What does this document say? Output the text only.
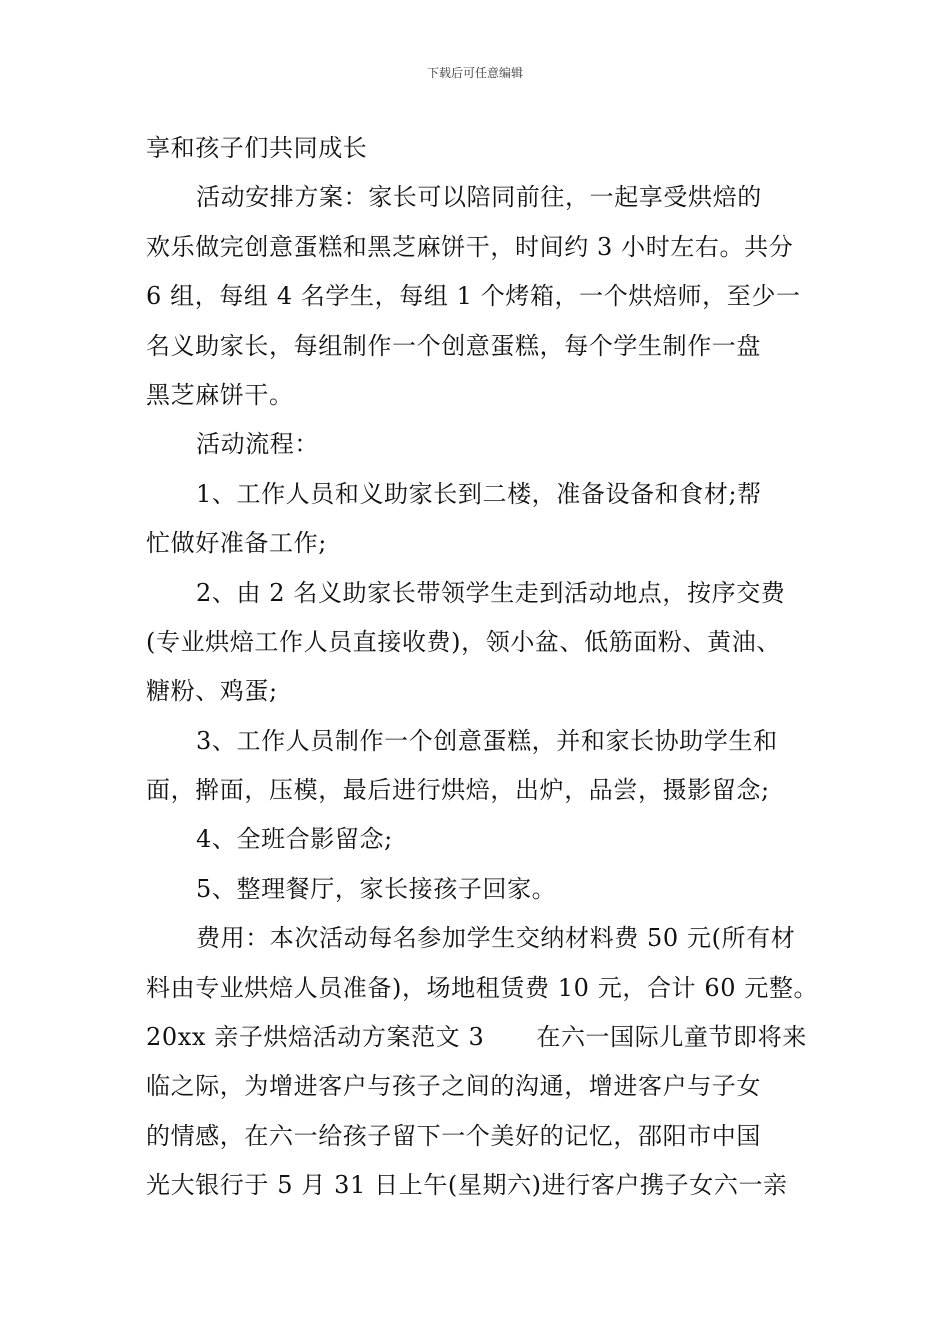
下载后可任意编辑
享和孩子们共同成长
活动安排方案：家长可以陪同前往，一起享受烘焙的
欢乐做完创意蛋糕和黑芝麻饼干，时间约 3 小时左右。共分
6 组，每组 4 名学生，每组 1 个烤箱，一个烘焙师，至少一
名义助家长，每组制作一个创意蛋糕，每个学生制作一盘
黑芝麻饼干。
活动流程：
1、工作人员和义助家长到二楼，准备设备和食材;帮
忙做好准备工作;
2、由 2 名义助家长带领学生走到活动地点，按序交费
(专业烘焙工作人员直接收费)，领小盆、低筋面粉、黄油、
糖粉、鸡蛋;
3、工作人员制作一个创意蛋糕，并和家长协助学生和
面，擀面，压模，最后进行烘焙，出炉，品尝，摄影留念;
4、全班合影留念;
5、整理餐厅，家长接孩子回家。
费用：本次活动每名参加学生交纳材料费 50 元(所有材
料由专业烘焙人员准备)，场地租赁费 10 元，合计 60 元整。
20xx 亲子烘焙活动方案范文 3 在六一国际儿童节即将来
临之际，为增进客户与孩子之间的沟通，增进客户与子女
的情感，在六一给孩子留下一个美好的记忆，邵阳市中国
光大银行于 5 月 31 日上午(星期六)进行客户携子女六一亲
